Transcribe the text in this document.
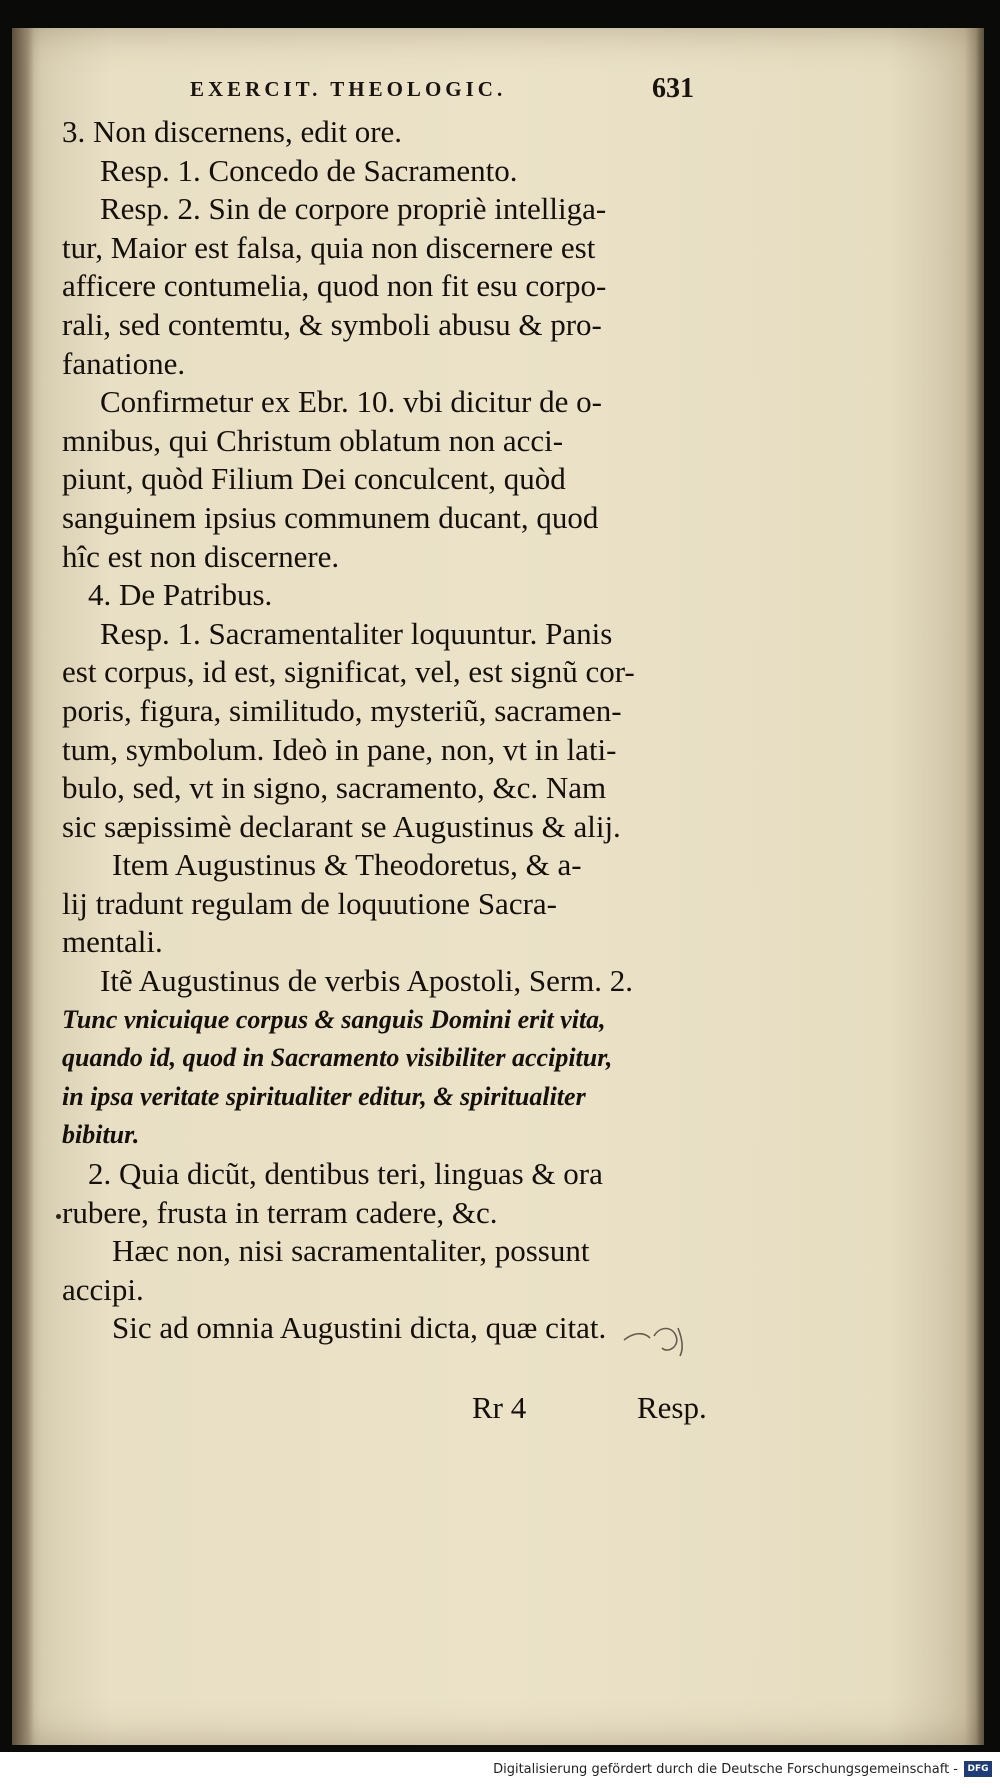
EXERCIT. THEOLOGIC.	631
3. Non discernens, edit ore.
Resp. 1. Concedo de Sacramento.
Resp. 2. Sin de corpore propriè intelliga-
tur, Maior est falsa, quia non discernere est
afficere contumelia, quod non fit esu corpo-
rali, sed contemtu, & symboli abusu & pro-
fanatione.
Confirmetur ex Ebr. 10. vbi dicitur de o-
mnibus, qui Christum oblatum non acci-
piunt, quòd Filium Dei conculcent, quòd
sanguinem ipsius communem ducant, quod
hîc est non discernere.
4. De Patribus.
Resp. 1. Sacramentaliter loquuntur. Panis
est corpus, id est, significat, vel, est signũ cor-
poris, figura, similitudo, mysteriũ, sacramen-
tum, symbolum. Ideò in pane, non, vt in lati-
bulo, sed, vt in signo, sacramento, &c. Nam
sic sæpissimè declarant se Augustinus & alij.
Item Augustinus & Theodoretus, & a-
lij tradunt regulam de loquutione Sacra-
mentali.
Itẽ Augustinus de verbis Apostoli, Serm. 2.
Tunc vnicuique corpus & sanguis Domini erit vita,
quando id, quod in Sacramento visibiliter accipitur,
in ipsa veritate spiritualiter editur, & spiritualiter
bibitur.
2. Quia dicũt, dentibus teri, linguas & ora
rubere, frusta in terram cadere, &c.
Hæc non, nisi sacramentaliter, possunt
accipi.
Sic ad omnia Augustini dicta, quæ citat.
Rr 4	Resp.
Digitalisierung gefördert durch die Deutsche Forschungsgemeinschaft -	DFG
